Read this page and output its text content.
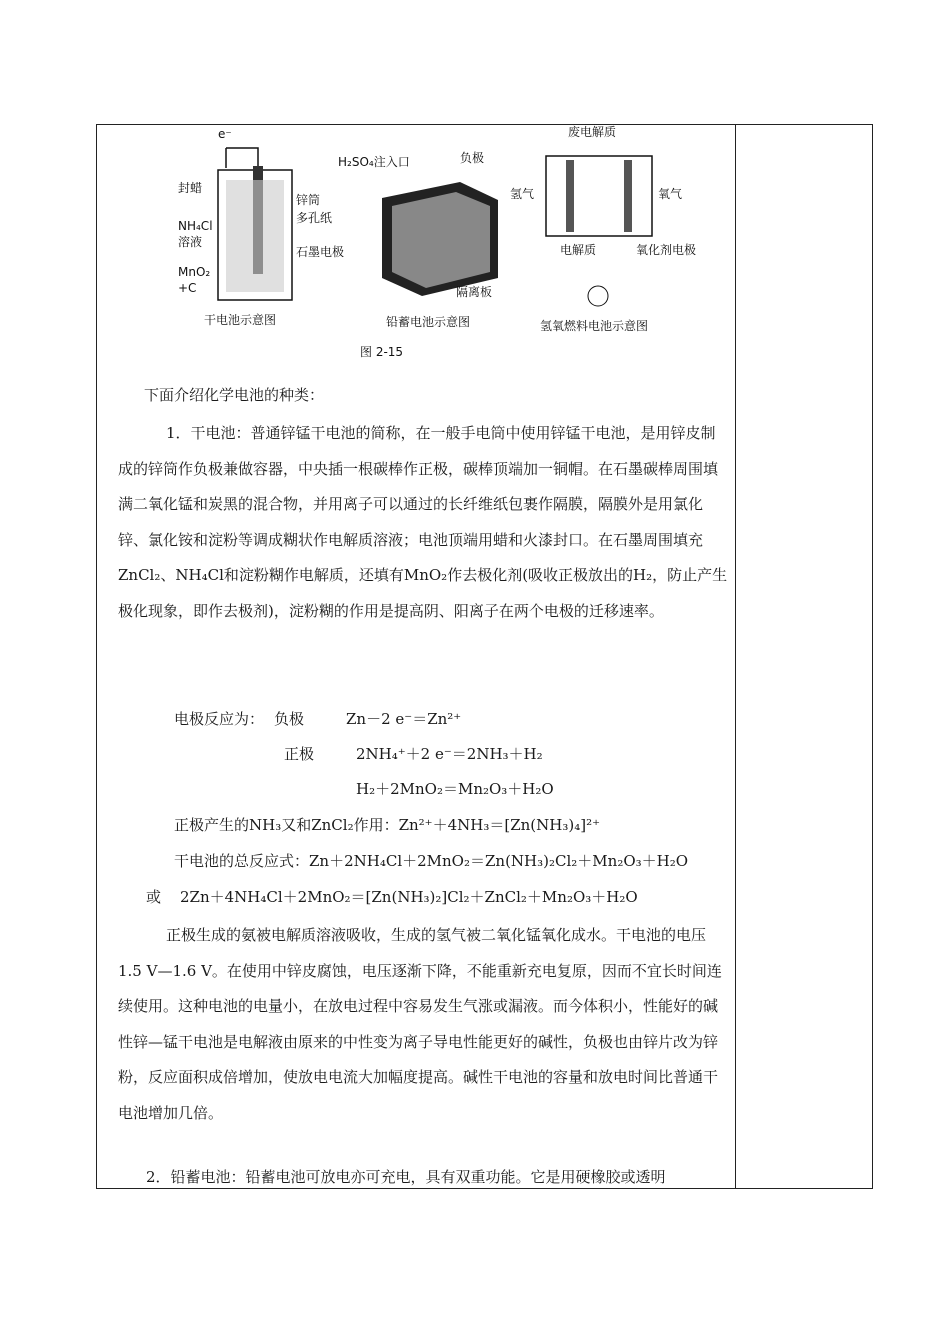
e⁻
封蜡
NH₄Cl
溶液
MnO₂
+C
锌筒
多孔纸
石墨电极
干电池示意图
H₂SO₄注入口	负极
隔离板
铅蓄电池示意图
废电解质
氢气	氧气
电解质	氧化剂电极
氢氧燃料电池示意图
图 2-15
下面介绍化学电池的种类：
1．干电池：普通锌锰干电池的简称，在一般手电筒中使用锌锰干电池，是用锌皮制成的锌筒作负极兼做容器，中央插一根碳棒作正极，碳棒顶端加一铜帽。在石墨碳棒周围填满二氧化锰和炭黑的混合物，并用离子可以通过的长纤维纸包裹作隔膜，隔膜外是用氯化锌、氯化铵和淀粉等调成糊状作电解质溶液；电池顶端用蜡和火漆封口。在石墨周围填充ZnCl₂、NH₄Cl和淀粉糊作电解质，还填有MnO₂作去极化剂(吸收正极放出的H₂，防止产生极化现象，即作去极剂)，淀粉糊的作用是提高阴、阳离子在两个电极的迁移速率。
电极反应为： 负极	Zn－2 e⁻＝Zn²⁺
正极	2NH₄⁺＋2 e⁻＝2NH₃＋H₂
H₂＋2MnO₂＝Mn₂O₃＋H₂O
正极产生的NH₃又和ZnCl₂作用：Zn²⁺＋4NH₃＝[Zn(NH₃)₄]²⁺
干电池的总反应式：Zn＋2NH₄Cl＋2MnO₂＝Zn(NH₃)₂Cl₂＋Mn₂O₃＋H₂O
或 2Zn＋4NH₄Cl＋2MnO₂＝[Zn(NH₃)₂]Cl₂＋ZnCl₂＋Mn₂O₃＋H₂O
正极生成的氨被电解质溶液吸收，生成的氢气被二氧化锰氧化成水。干电池的电压1.5 V—1.6 V。在使用中锌皮腐蚀，电压逐渐下降，不能重新充电复原，因而不宜长时间连续使用。这种电池的电量小，在放电过程中容易发生气涨或漏液。而今体积小，性能好的碱性锌—锰干电池是电解液由原来的中性变为离子导电性能更好的碱性，负极也由锌片改为锌粉，反应面积成倍增加，使放电电流大加幅度提高。碱性干电池的容量和放电时间比普通干电池增加几倍。
2．铅蓄电池：铅蓄电池可放电亦可充电，具有双重功能。它是用硬橡胶或透明
